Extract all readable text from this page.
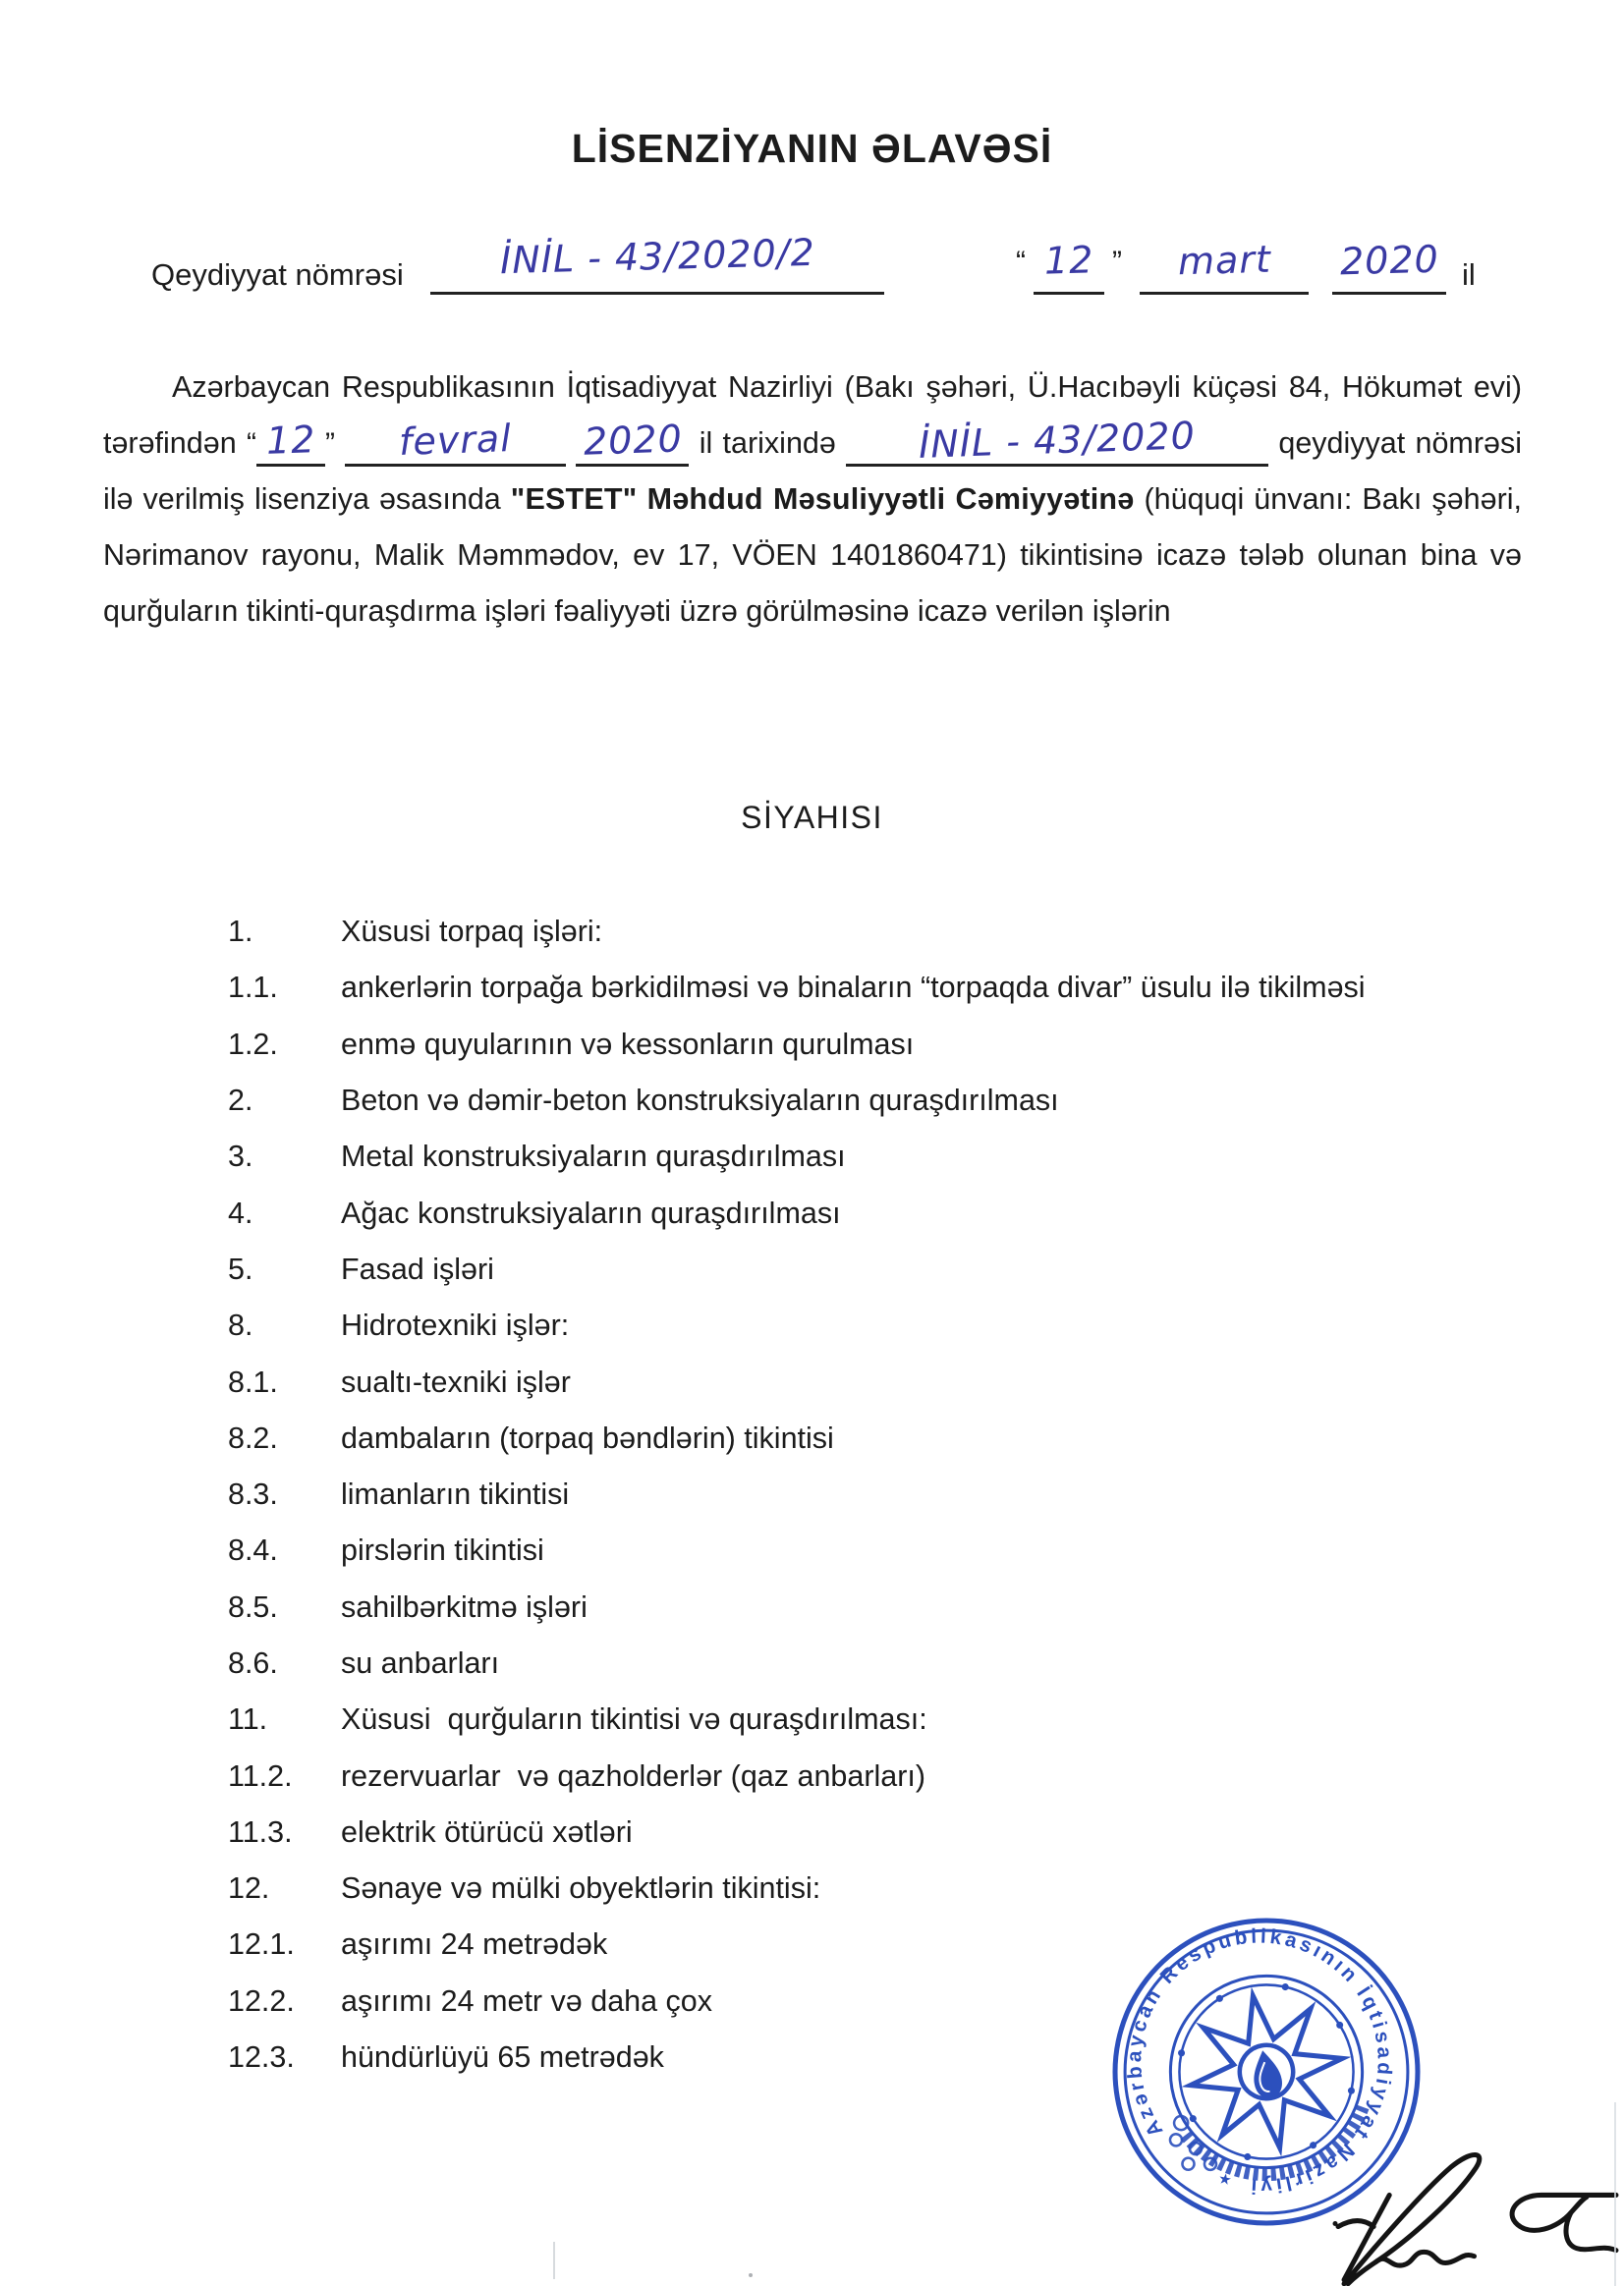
LİSENZİYANIN ƏLAVƏSİ
Qeydiyyat nömrəsi	İNİL - 43/2020/2	“ 12 ”	mart	2020 il

Azərbaycan Respublikasının İqtisadiyyat Nazirliyi (Bakı şəhəri, Ü.Hacıbəyli küçəsi 84, Hökumət evi) tərəfindən “ 12 ” fevral 2020 il tarixində İNİL - 43/2020	qeydiyyat nömrəsi ilə verilmiş lisenziya əsasında "ESTET" Məhdud Məsuliyyətli Cəmiyyətinə (hüquqi ünvanı: Bakı şəhəri, Nərimanov rayonu, Malik Məmmədov, ev 17, VÖEN 1401860471) tikintisinə icazə tələb olunan bina və qurğuların tikinti-quraşdırma işləri fəaliyyəti üzrə görülməsinə icazə verilən işlərin

SİYAHISI
1.	Xüsusi torpaq işləri:
1.1.	ankerlərin torpağa bərkidilməsi və binaların “torpaqda divar” üsulu ilə tikilməsi
1.2.	enmə quyularının və kessonların qurulması
2.	Beton və dəmir-beton konstruksiyaların quraşdırılması
3.	Metal konstruksiyaların quraşdırılması
4.	Ağac konstruksiyaların quraşdırılması
5.	Fasad işləri
8.	Hidrotexniki işlər:
8.1.	sualtı-texniki işlər
8.2.	dambaların (torpaq bəndlərin) tikintisi
8.3.	limanların tikintisi
8.4.	pirslərin tikintisi
8.5.	sahilbərkitmə işləri
8.6.	su anbarları
11.	Xüsusi  qurğuların tikintisi və quraşdırılması:
11.2.	rezervuarlar  və qazholderlər (qaz anbarları)
11.3.	elektrik ötürücü xətləri
12.	Sənaye və mülki obyektlərin tikintisi:
12.1.	aşırımı 24 metrədək
12.2.	aşırımı 24 metr və daha çox
12.3.	hündürlüyü 65 metrədək
Azərbaycan Respublikasının İqtisadiyyat Nazirliyi
★
